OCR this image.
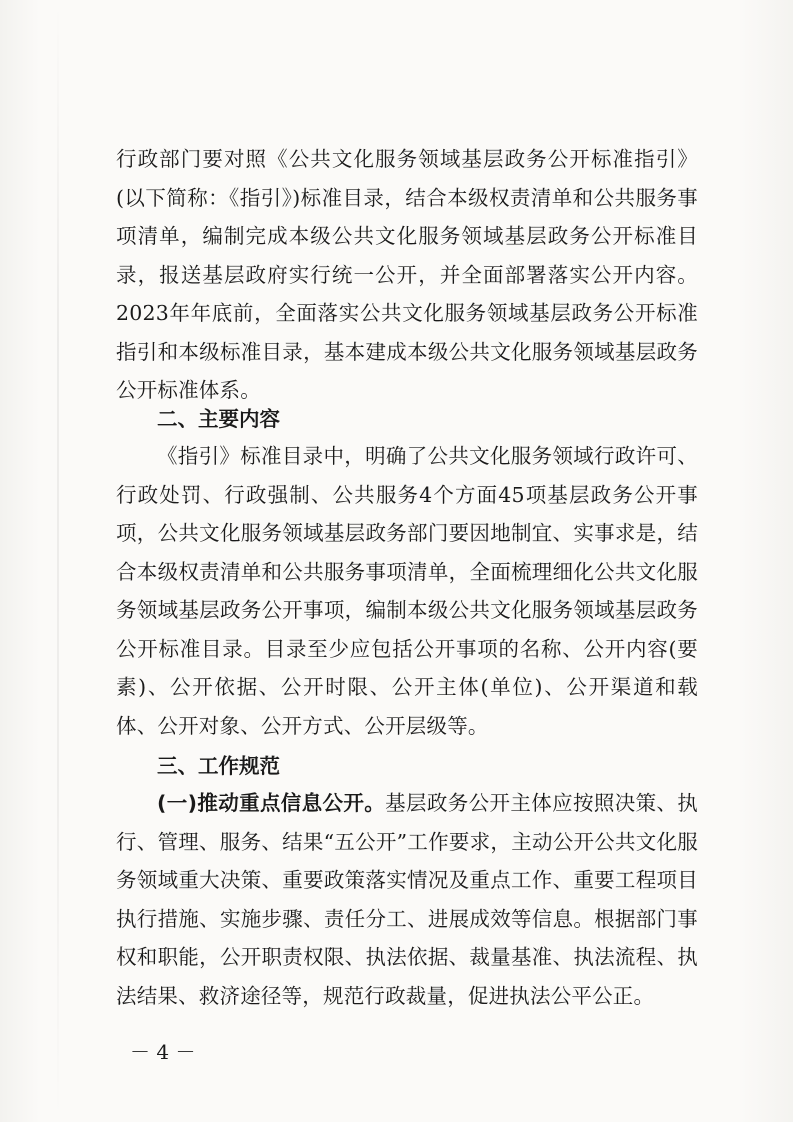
行政部门要对照《公共文化服务领域基层政务公开标准指引》(以下简称：《指引》)标准目录，结合本级权责清单和公共服务事项清单，编制完成本级公共文化服务领域基层政务公开标准目录，报送基层政府实行统一公开，并全面部署落实公开内容。2023年年底前，全面落实公共文化服务领域基层政务公开标准指引和本级标准目录，基本建成本级公共文化服务领域基层政务公开标准体系。
二、主要内容
《指引》标准目录中，明确了公共文化服务领域行政许可、行政处罚、行政强制、公共服务4个方面45项基层政务公开事项，公共文化服务领域基层政务部门要因地制宜、实事求是，结合本级权责清单和公共服务事项清单，全面梳理细化公共文化服务领域基层政务公开事项，编制本级公共文化服务领域基层政务公开标准目录。目录至少应包括公开事项的名称、公开内容(要素)、公开依据、公开时限、公开主体(单位)、公开渠道和载体、公开对象、公开方式、公开层级等。
三、工作规范
(一)推动重点信息公开。基层政务公开主体应按照决策、执行、管理、服务、结果“五公开”工作要求，主动公开公共文化服务领域重大决策、重要政策落实情况及重点工作、重要工程项目执行措施、实施步骤、责任分工、进展成效等信息。根据部门事权和职能，公开职责权限、执法依据、裁量基准、执法流程、执法结果、救济途径等，规范行政裁量，促进执法公平公正。
－ 4 －
